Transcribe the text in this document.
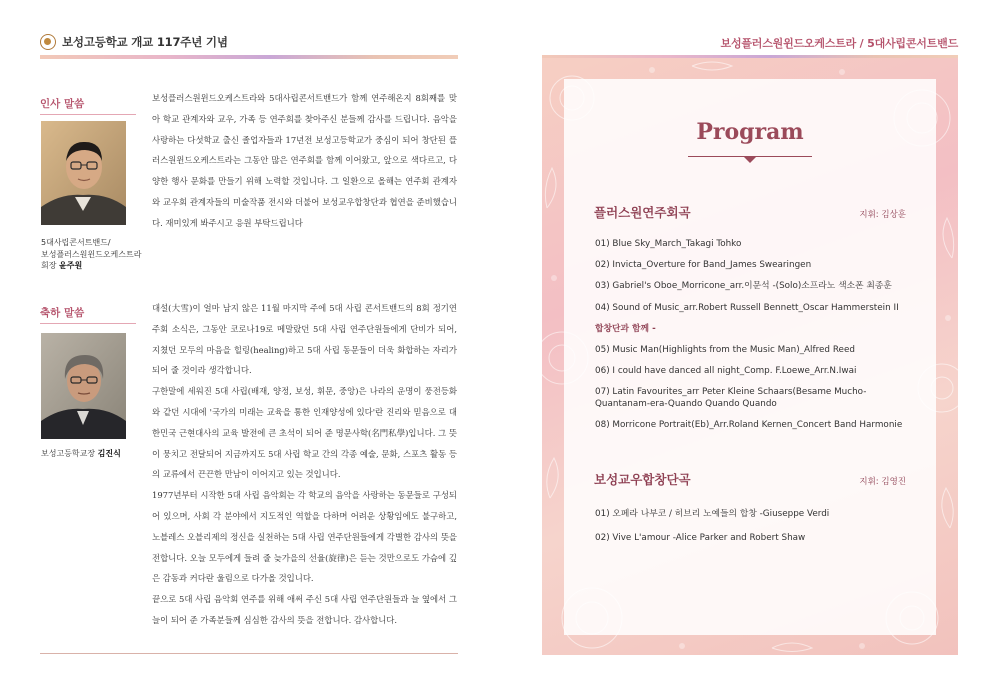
보성고등학교 개교 117주년 기념
인사 말씀
5대사립콘서트밴드/
보성플러스원윈드오케스트라
회장 윤주원

보성플러스원윈드오케스트라와 5대사립콘서트밴드가 함께 연주해온지 8회째를 맞아 학교 관계자와 교우, 가족 등 연주회를 찾아주신 분들께 감사를 드립니다. 음악을 사랑하는 다섯학교 출신 졸업자들과 17년전 보성고등학교가 중심이 되어 창단된 플러스원윈드오케스트라는 그동안 많은 연주회를 함께 이어왔고, 앞으로 색다르고, 다양한 행사 문화를 만들기 위해 노력할 것입니다. 그 일환으로 올해는 연주회 관계자와 교우회 관계자들의 미술작품 전시와 더불어 보성교우합창단과 협연을 준비했습니다. 재미있게 봐주시고 응원 부탁드립니다

축하 말씀
보성고등학교장 김진식

대설(大雪)이 얼마 남지 않은 11월 마지막 주에 5대 사립 콘서트밴드의 8회 정기연주회 소식은, 그동안 코로나19로 메말랐던 5대 사립 연주단원들에게 단비가 되어, 지쳤던 모두의 마음을 힐링(healing)하고 5대 사립 동문들이 더욱 화합하는 자리가 되어 줄 것이라 생각합니다.

구한말에 세워진 5대 사립(배재, 양정, 보성, 휘문, 중앙)은 나라의 운명이 풍전등화와 같던 시대에 '국가의 미래는 교육을 통한 인재양성에 있다'란 진리와 믿음으로 대한민국 근현대사의 교육 발전에 큰 초석이 되어 준 명문사학(名門私學)입니다. 그 뜻이 뭉치고 전달되어 지금까지도 5대 사립 학교 간의 각종 예술, 문화, 스포츠 활동 등의 교류에서 끈끈한 만남이 이어지고 있는 것입니다.

1977년부터 시작한 5대 사립 음악회는 각 학교의 음악을 사랑하는 동문들로 구성되어 있으며, 사회 각 분야에서 지도적인 역할을 다하며 어려운 상황임에도 불구하고, 노블레스 오블리제의 정신을 실천하는 5대 사립 연주단원들에게 각별한 감사의 뜻을 전합니다. 오늘 모두에게 들려 줄 늦가을의 선율(旋律)은 듣는 것만으로도 가슴에 깊은 감동과 커다란 울림으로 다가올 것입니다.

끝으로 5대 사립 음악회 연주를 위해 애써 주신 5대 사립 연주단원들과 늘 옆에서 그늘이 되어 준 가족분들께 심심한 감사의 뜻을 전합니다. 감사합니다.

보성플러스원윈드오케스트라 / 5대사립콘서트밴드
Program
플러스원연주회곡	지휘: 김상훈
01) Blue Sky_March_Takagi Tohko
02) Invicta_Overture for Band_James Swearingen
03) Gabriel's Oboe_Morricone_arr.이문석 -(Solo)소프라노 색소폰 최종훈
04) Sound of Music_arr.Robert Russell Bennett_Oscar Hammerstein II
합창단과 함께 -
05) Music Man(Highlights from the Music Man)_Alfred Reed
06) I could have danced all night_Comp. F.Loewe_Arr.N.Iwai
07) Latin Favourites_arr Peter Kleine Schaars(Besame Mucho-Quantanam-era-Quando Quando Quando
08) Morricone Portrait(Eb)_Arr.Roland Kernen_Concert Band Harmonie
보성교우합창단곡	지휘: 김영진
01) 오페라 나부코 / 히브리 노예들의 합창 -Giuseppe Verdi
02) Vive L'amour -Alice Parker and Robert Shaw
